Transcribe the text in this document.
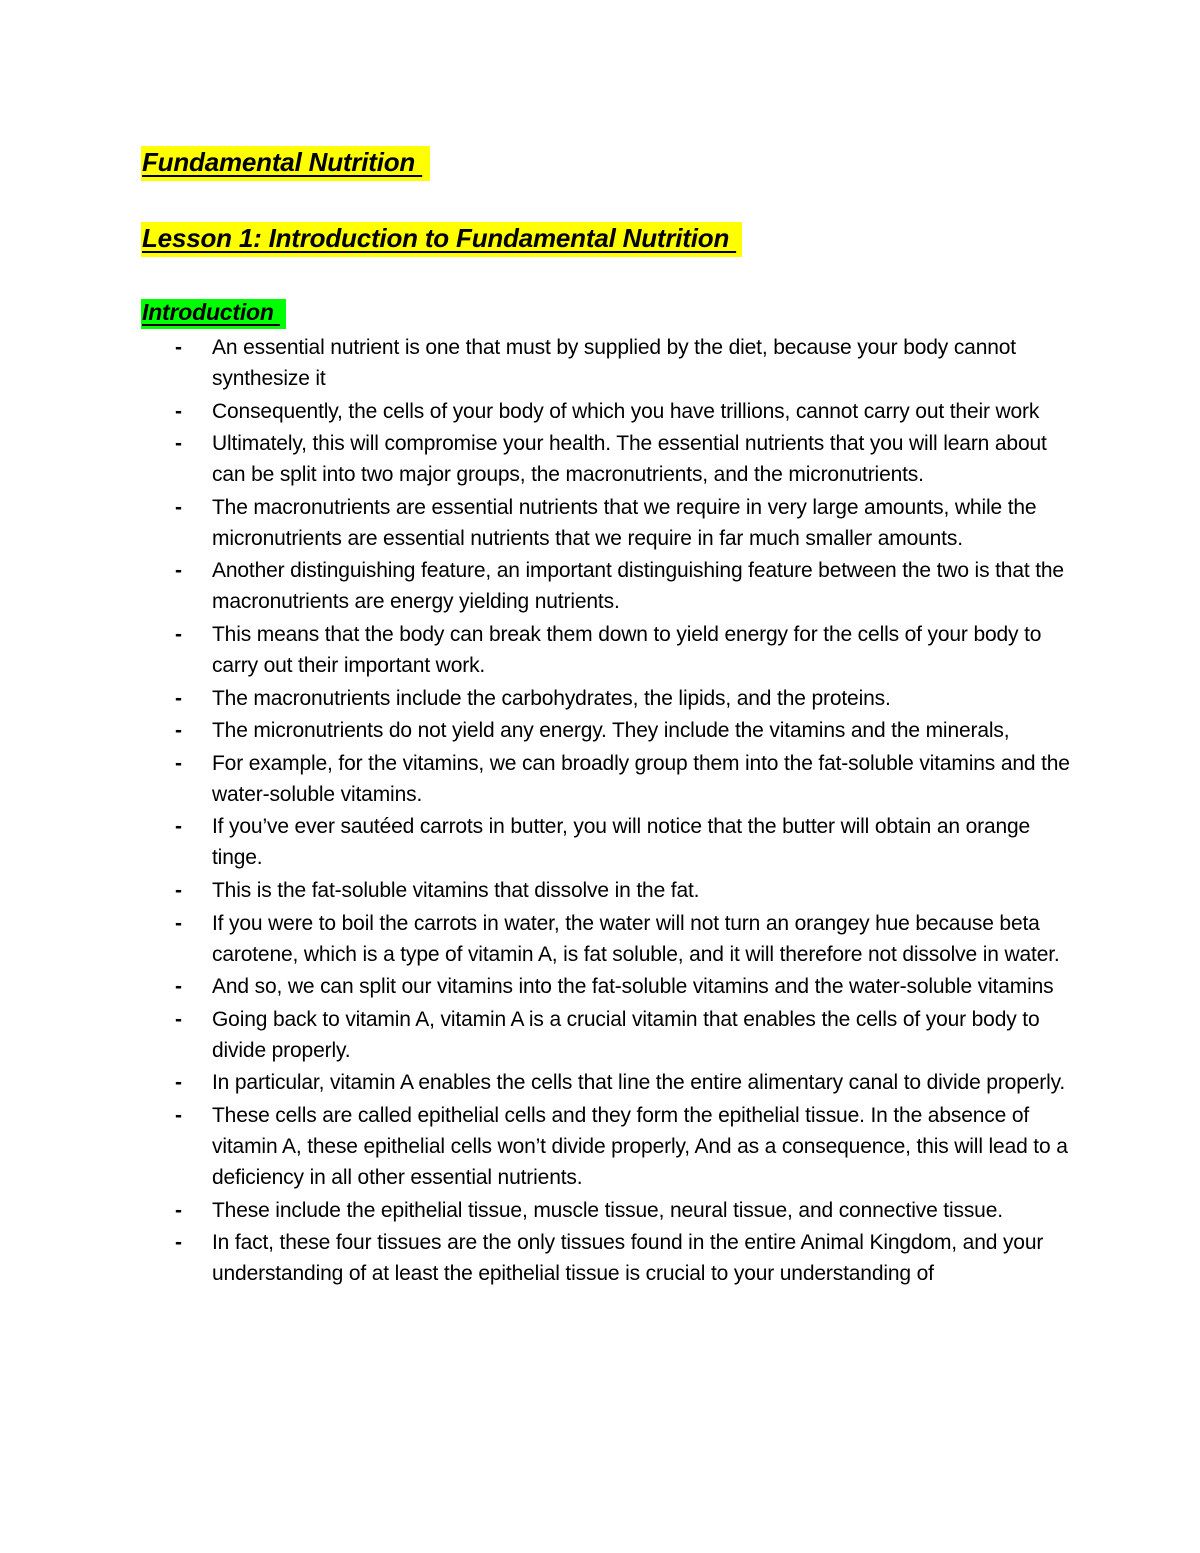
Fundamental Nutrition
Lesson 1: Introduction to Fundamental Nutrition
Introduction
- An essential nutrient is one that must by supplied by the diet, because your body cannot synthesize it
- Consequently, the cells of your body of which you have trillions, cannot carry out their work
- Ultimately, this will compromise your health. The essential nutrients that you will learn about can be split into two major groups, the macronutrients, and the micronutrients.
- The macronutrients are essential nutrients that we require in very large amounts, while the micronutrients are essential nutrients that we require in far much smaller amounts.
- Another distinguishing feature, an important distinguishing feature between the two is that the macronutrients are energy yielding nutrients.
- This means that the body can break them down to yield energy for the cells of your body to carry out their important work.
- The macronutrients include the carbohydrates, the lipids, and the proteins.
- The micronutrients do not yield any energy. They include the vitamins and the minerals,
- For example, for the vitamins, we can broadly group them into the fat-soluble vitamins and the water-soluble vitamins.
- If you’ve ever sautéed carrots in butter, you will notice that the butter will obtain an orange tinge.
- This is the fat-soluble vitamins that dissolve in the fat.
- If you were to boil the carrots in water, the water will not turn an orangey hue because beta carotene, which is a type of vitamin A, is fat soluble, and it will therefore not dissolve in water.
- And so, we can split our vitamins into the fat-soluble vitamins and the water-soluble vitamins
- Going back to vitamin A, vitamin A is a crucial vitamin that enables the cells of your body to divide properly.
- In particular, vitamin A enables the cells that line the entire alimentary canal to divide properly.
- These cells are called epithelial cells and they form the epithelial tissue. In the absence of vitamin A, these epithelial cells won’t divide properly, And as a consequence, this will lead to a deficiency in all other essential nutrients.
- These include the epithelial tissue, muscle tissue, neural tissue, and connective tissue.
- In fact, these four tissues are the only tissues found in the entire Animal Kingdom, and your understanding of at least the epithelial tissue is crucial to your understanding of
